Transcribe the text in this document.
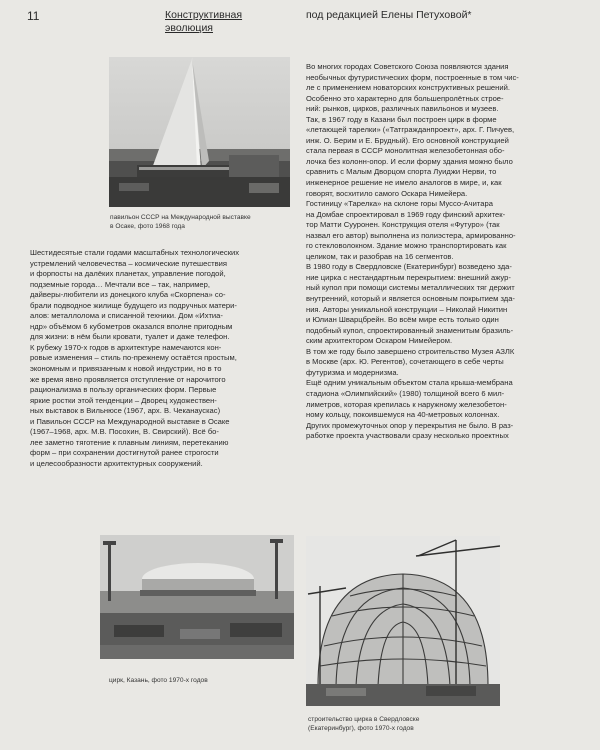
11	Конструктивная
эволюция
под редакцией Елены Петуховой*
павильон СССР на Международной выставке
в Осаке, фото 1968 года

Шестидесятые стали годами масштабных технологических

устремлений человечества – космические путешествия

и форпосты на далёких планетах, управление погодой,

подземные города… Мечтали все – так, например,

дайверы-любители из донецкого клуба «Скорпена» со-

брали подводное жилище будущего из подручных матери-

алов: металлолома и списанной техники. Дом «Ихтиа-

ндр» объёмом 6 кубометров оказался вполне пригодным

для жизни: в нём были кровати, туалет и даже телефон.

К рубежу 1970-х годов в архитектуре намечаются кон-

ровые изменения – стиль по-прежнему остаётся простым,

экономным и привязанным к новой индустрии, но в то

же время явно проявляется отступление от нарочитого

рационализма в пользу органических форм. Первые

яркие ростки этой тенденции – Дворец художествен-

ных выставок в Вильнюсе (1967, арх. В. Чеканаускас)

и Павильон СССР на Международной выставке в Осаке

(1967–1968, арх. М.В. Посохин, В. Свирский). Всё бо-

лее заметно тяготение к плавным линиям, перетеканию

форм – при сохранении достигнутой ранее строгости

и целесообразности архитектурных сооружений.

цирк, Казань, фото 1970-х годов

Во многих городах Советского Союза появляются здания

необычных футуристических форм, построенные в том чис-

ле с применением новаторских конструктивных решений.

Особенно это характерно для большепролётных строе-

ний: рынков, цирков, различных павильонов и музеев.

Так, в 1967 году в Казани был построен цирк в форме

«летающей тарелки» («Татгражданпроект», арх. Г. Пичуев,

инж. О. Берим и Е. Брудный). Его основной конструкцией

стала первая в СССР монолитная железобетонная обо-

лочка без колонн-опор. И если форму здания можно было

сравнить с Малым Дворцом спорта Луиджи Нерви, то

инженерное решение не имело аналогов в мире, и, как

говорят, восхитило самого Оскара Нимейера.

Гостиницу «Тарелка» на склоне горы Муссо-Ачитара

на Домбае спроектировал в 1969 году финский архитек-

тор Матти Сууронен. Конструкция отеля «Футуро» (так

назвал его автор) выполнена из полиэстера, армированно-

го стекловолокном. Здание можно транспортировать как

целиком, так и разобрав на 16 сегментов.

В 1980 году в Свердловске (Екатеринбург) возведено зда-

ние цирка с нестандартным перекрытием: внешний ажур-

ный купол при помощи системы металлических тяг держит

внутренний, который и является основным покрытием зда-

ния. Авторы уникальной конструкции – Николай Никитин

и Юлиан Шварцбрейн. Во всём мире есть только один

подобный купол, спроектированный знаменитым бразиль-

ским архитектором Оскаром Нимейером.

В том же году было завершено строительство Музея АЗЛК

в Москве (арх. Ю. Регентов), сочетающего в себе черты

футуризма и модернизма.

Ещё одним уникальным объектом стала крыша-мембрана

стадиона «Олимпийский» (1980) толщиной всего 6 мил-

лиметров, которая крепилась к наружному железобетон-

ному кольцу, покоившемуся на 40-метровых колоннах.

Других промежуточных опор у перекрытия не было. В раз-

работке проекта участвовали сразу несколько проектных

строительство цирка в Свердловске
(Екатеринбург), фото 1970-х годов
